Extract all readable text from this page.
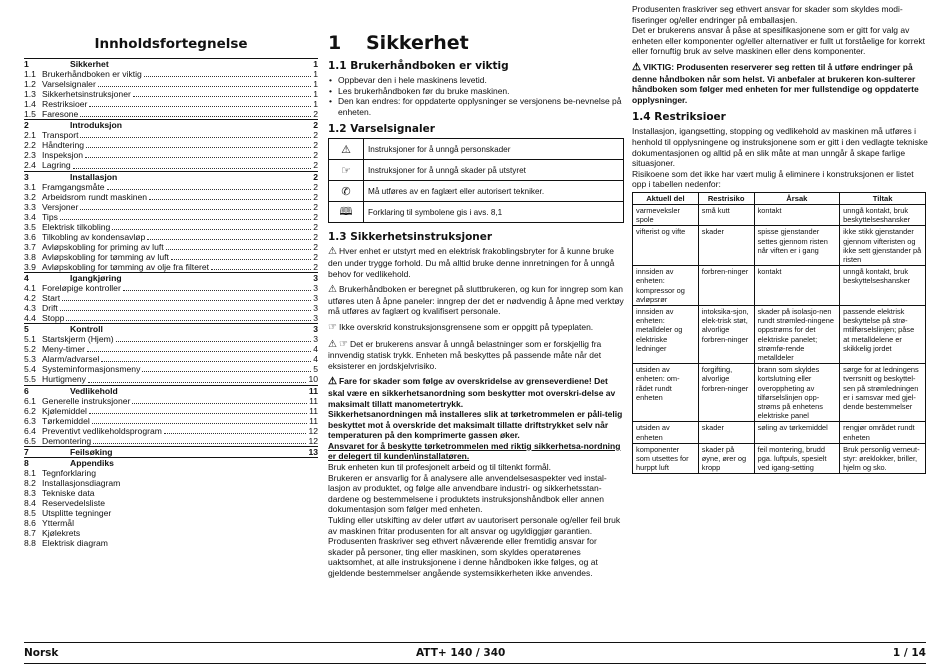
Innholdsfortegnelse
1	Sikkerhet	1
1.1 Brukerhåndboken er viktig	1
1.2 Varselsignaler	1
1.3 Sikkerhetsinstruksjoner	1
1.4 Restriksioer	1
1.5 Faresone	2
2	Introduksjon	2
2.1 Transport	2
2.2 Håndtering	2
2.3 Inspeksjon	2
2.4 Lagring	2
3	Installasjon	2
3.1 Framgangsmåte	2
3.2 Arbeidsrom rundt maskinen	2
3.3 Versjoner	2
3.4 Tips	2
3.5 Elektrisk tilkobling	2
3.6 Tilkobling av kondensavløp	2
3.7 Avløpskobling for priming av luft	2
3.8 Avløpskobling for tømming av luft	2
3.9 Avløpskobling for tømming av olje fra filteret	2
4	Igangkjøring	3
4.1 Foreløpige kontroller	3
4.2 Start	3
4.3 Drift	3
4.4 Stopp	3
5	Kontroll	3
5.1 Startskjerm (Hjem)	3
5.2 Meny-timer	4
5.3 Alarm/advarsel	4
5.4 Systeminformasjonsmeny	5
5.5 Hurtigmeny	10
6	Vedlikehold	11
6.1 Generelle instruksjoner	11
6.2 Kjølemiddel	11
6.3 Tørkemiddel	11
6.4 Preventivt vedlikeholdsprogram	12
6.5 Demontering	12
7	Feilsøking	13
8	Appendiks
8.1 Tegnforklaring
8.2 Installasjonsdiagram
8.3 Tekniske data
8.4 Reservedelsliste
8.5 Utsplitte tegninger
8.6 Yttermål
8.7 Kjølekrets
8.8 Elektrisk diagram
1 Sikkerhet
1.1 Brukerhåndboken er viktig
• Oppbevar den i hele maskinens levetid.
• Les brukerhåndboken før du bruke maskinen.
• Den kan endres: for oppdaterte opplysninger se versjonens be-nevnelse på enheten.
1.2 Varselsignaler
⚠	Instruksjoner for å unngå personskader
☞	Instruksjoner for å unngå skader på utstyret
✆	Må utføres av en faglært eller autorisert tekniker.
🕮	Forklaring til symbolene gis i avs. 8,1
1.3 Sikkerhetsinstruksjoner

⚠ Hver enhet er utstyrt med en elektrisk frakoblingsbryter for å kunne bruke den under trygge forhold. Du må alltid bruke denne innretningen for å unngå behov for vedlikehold.

⚠ Brukerhåndboken er beregnet på sluttbrukeren, og kun for inngrep som kan utføres uten å åpne paneler: inngrep der det er nødvendig å åpne med verktøy må utføres av faglært og kvalifisert personale.

☞ Ikke overskrid konstruksjonsgrensene som er oppgitt på typeplaten.

⚠ ☞ Det er brukerens ansvar å unngå belastninger som er forskjellig fra innvendig statisk trykk. Enheten må beskyttes på passende måte når det eksisterer en jordskjelvrisiko.

⚠ Fare for skader som følge av overskridelse av grenseverdiene! Det skal være en sikkerhetsanordning som beskytter mot overskri-delse av maksimalt tillatt manometertrykk.

Sikkerhetsanordningen må installeres slik at tørketrommelen er påli-telig beskyttet mot å overskride det maksimalt tillatte driftstrykket selv når temperaturen på den komprimerte gassen øker.

Ansvaret for å beskytte tørketrommelen med riktig sikkerhetsa-nordning er delegert til kunden\installatøren.

Bruk enheten kun til profesjonelt arbeid og til tiltenkt formål.

Brukeren er ansvarlig for å analysere alle anvendelsesaspekter ved instal-lasjon av produktet, og følge alle anvendbare industri- og sikkerhetsstan-dardene og bestemmelsene i produktets instruksjonshåndbok eller annen dokumentasjon som følger med enheten.

Tukling eller utskifting av deler utført av uautorisert personale og/eller feil bruk av maskinen fritar produsenten for alt ansvar og ugyldiggjør garantien.

Produsenten fraskriver seg ethvert nåværende eller fremtidig ansvar for skader på personer, ting eller maskinen, som skyldes operatørenes uaktsomhet, at alle instruksjonene i denne håndboken ikke følges, og at gjeldende bestemmelser angående systemsikkerheten ikke anvendes.

Produsenten fraskriver seg ethvert ansvar for skader som skyldes modi-fiseringer og/eller endringer på emballasjen.

Det er brukerens ansvar å påse at spesifikasjonene som er gitt for valg av enheten eller komponenter og/eller alternativer er fullt ut forståelige for korrekt eller fornuftig bruk av selve maskinen eller dens komponenter.

⚠ VIKTIG: Produsenten reserverer seg retten til å utføre endringer på denne håndboken når som helst. Vi anbefaler at brukeren kon-sulterer håndboken som følger med enheten for mer fullstendige og oppdaterte opplysninger.

1.4 Restriksioer

Installasjon, igangsetting, stopping og vedlikehold av maskinen må utføres i henhold til opplysningene og instruksjonene som er gitt i den vedlagte tekniske dokumentasjonen og alltid på en slik måte at man unngår å skape farlige situasjoner.

Risikoene som det ikke har vært mulig å eliminere i konstruksjonen er listet opp i tabellen nedenfor:

Aktuell del	Restrisiko	Årsak	Tiltak
varmeveksler spole	små kutt	kontakt	unngå kontakt, bruk beskyttelseshansker
vifterist og vifte	skader	spisse gjenstander settes gjennom risten når viften er i gang	ikke stikk gjenstander gjennom vifteristen og ikke sett gjenstander på risten
innsiden av enheten: kompressor og avløpsrør	forbren-ninger	kontakt	unngå kontakt, bruk beskyttelseshansker
innsiden av enheten: metalldeler og elektriske ledninger	intoksika-sjon, elek-trisk støt, alvorlige forbren-ninger	skader på isolasjo-nen rundt strømled-ningene oppstrøms for det elektriske panelet; strømfø-rende metalldeler	passende elektrisk beskyttelse på strø-mtilførselslinjen; påse at metalldelene er skikkelig jordet
utsiden av enheten: om-rådet rundt enheten	forgifting, alvorlige forbren-ninger	brann som skyldes kortslutning eller overoppheting av tilførselslinjen opp-strøms på enhetens elektriske panel	sørge for at ledningens tverrsnitt og beskyttel-sen på strømledningen er i samsvar med gjel-dende bestemmelser
utsiden av enheten	skader	søling av tørkemiddel	rengjør området rundt enheten
komponenter som utsettes for hurppt luft	skader på øyne, ører og kropp	feil montering, brudd pga. luftpuls, spesielt ved igang-setting	Bruk personlig verneut-styr: øreklokker, briller, hjelm og sko.
Norsk	ATT+ 140 / 340	1 / 14
